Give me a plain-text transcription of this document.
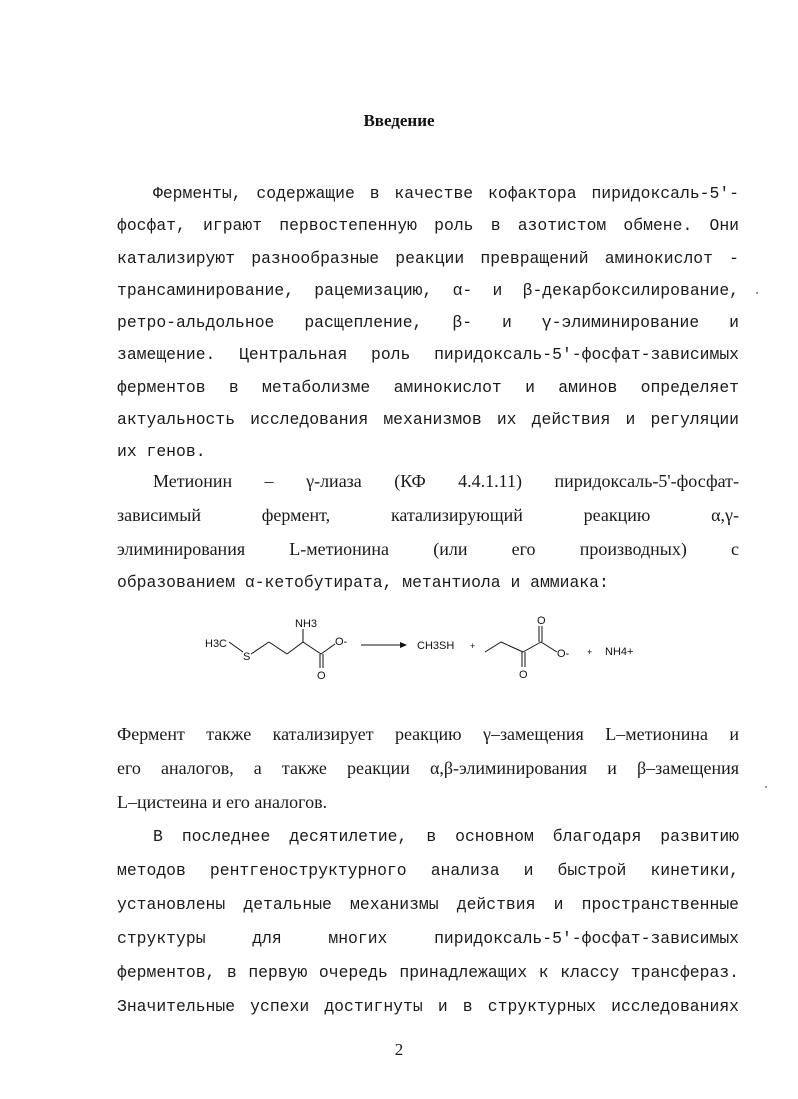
Введение
Ферменты, содержащие в качестве кофактора пиридоксаль-5'-
фосфат, играют первостепенную роль в азотистом обмене. Они
катализируют разнообразные реакции превращений аминокислот -
трансаминирование, рацемизацию, α- и β-декарбоксилирование,
ретро-альдольное расщепление, β- и γ-элиминирование и
замещение. Центральная роль пиридоксаль-5'-фосфат-зависимых
ферментов в метаболизме аминокислот и аминов определяет
актуальность исследования механизмов их действия и регуляции
их генов.
Метионин – γ-лиаза (КФ 4.4.1.11) пиридоксаль-5'-фосфат-
зависимый фермент, катализирующий реакцию α,γ-
элиминирования L-метионина (или его производных) с
образованием α-кетобутирата, метантиола и аммиака:
H3C
S
NH3
O-
O
CH3SH +
O
O
O- + NH4+
Фермент также катализирует реакцию γ–замещения L–метионина и
его аналогов, а также реакции α,β-элиминирования и β–замещения
L–цистеина и его аналогов.
В последнее десятилетие, в основном благодаря развитию
методов рентгеноструктурного анализа и быстрой кинетики,
установлены детальные механизмы действия и пространственные
структуры для многих пиридоксаль-5'-фосфат-зависимых
ферментов, в первую очередь принадлежащих к классу трансфераз.
Значительные успехи достигнуты и в структурных исследованиях
2
